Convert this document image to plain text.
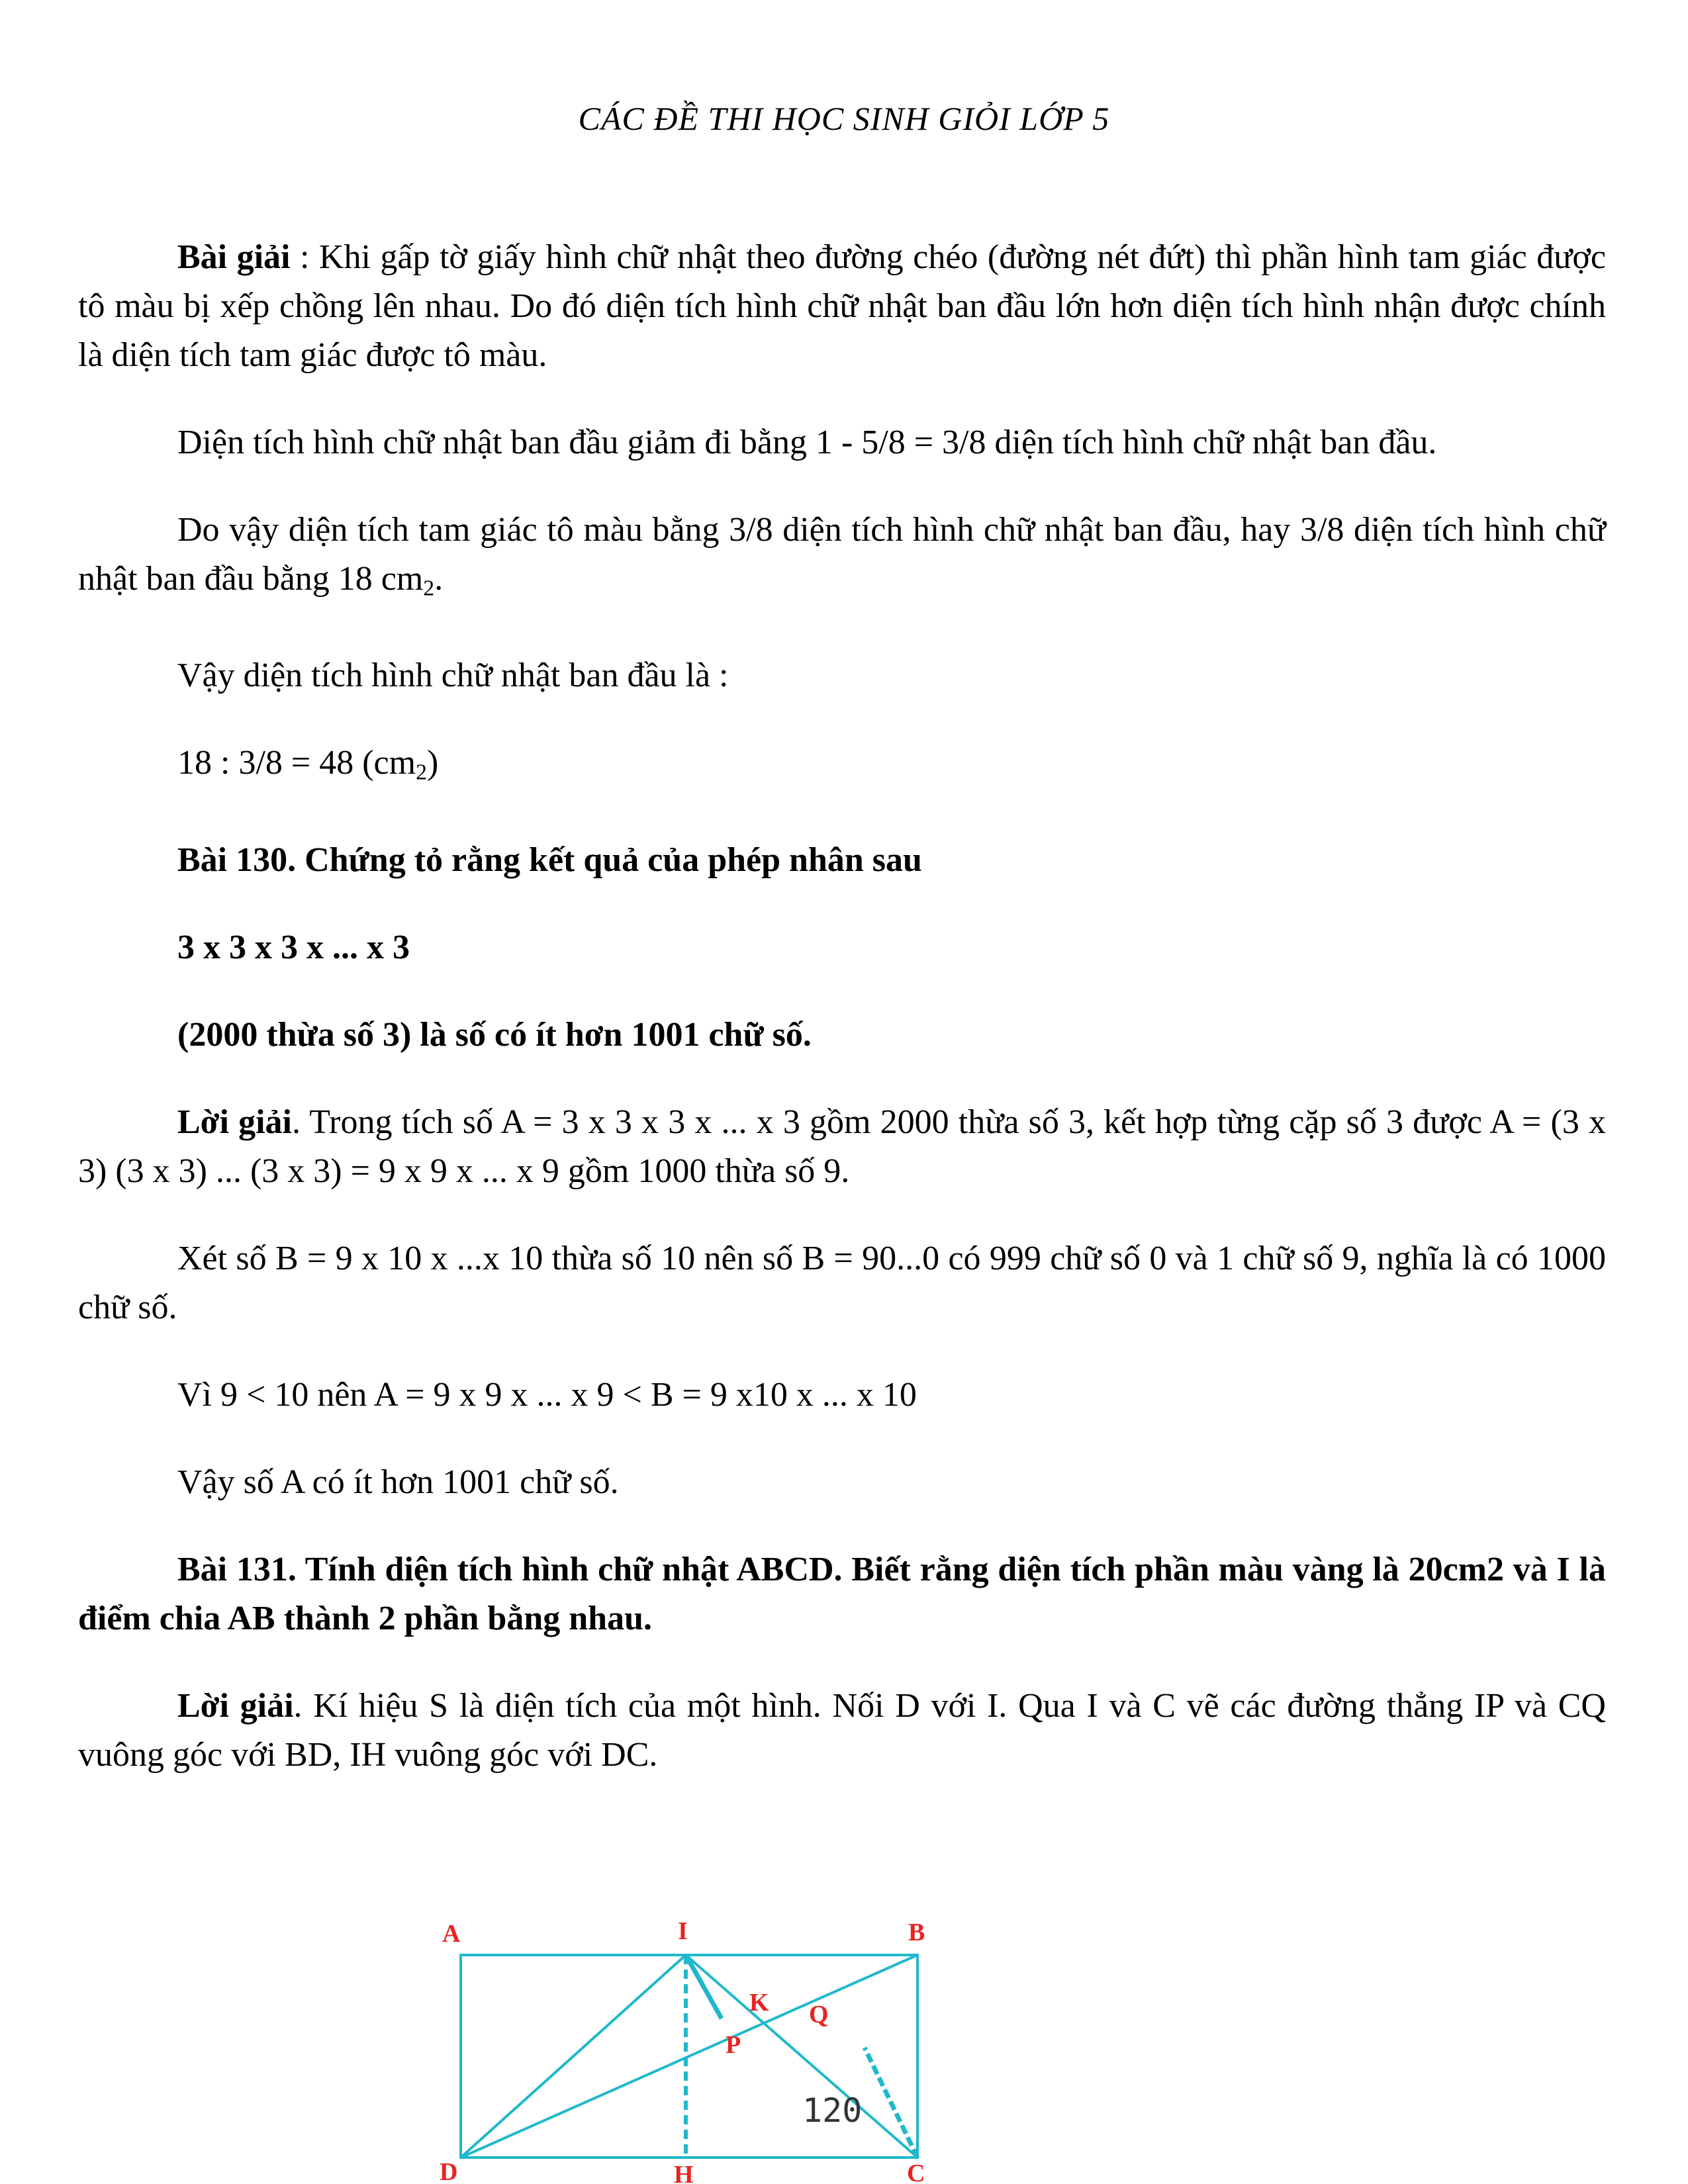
CÁC ĐỀ THI HỌC SINH GIỎI LỚP 5

Bài giải : Khi gấp tờ giấy hình chữ nhật theo đường chéo (đường nét đứt) thì phần hình tam giác được tô màu bị xếp chồng lên nhau. Do đó diện tích hình chữ nhật ban đầu lớn hơn diện tích hình nhận được chính là diện tích tam giác được tô màu.

Diện tích hình chữ nhật ban đầu giảm đi bằng 1 - 5/8 = 3/8 diện tích hình chữ nhật ban đầu.

Do vậy diện tích tam giác tô màu bằng 3/8 diện tích hình chữ nhật ban đầu, hay 3/8 diện tích hình chữ nhật ban đầu bằng 18 $cm_2$.

Vậy diện tích hình chữ nhật ban đầu là :

18 : 3/8 = 48 $(cm_2)$

Bài 130. Chứng tỏ rằng kết quả của phép nhân sau

3 x 3 x 3 x ... x 3

(2000 thừa số 3) là số có ít hơn 1001 chữ số.

Lời giải. Trong tích số A = 3 x 3 x 3 x ... x 3 gồm 2000 thừa số 3, kết hợp từng cặp số 3 được A = (3 x 3) (3 x 3) ... (3 x 3) = 9 x 9 x ... x 9 gồm 1000 thừa số 9.

Xét số B = 9 x 10 x ...x 10 thừa số 10 nên số B = 90...0 có 999 chữ số 0 và 1 chữ số 9, nghĩa là có 1000 chữ số.

Vì 9 < 10 nên A = 9 x 9 x ... x 9 < B = 9 x10 x ... x 10

Vậy số A có ít hơn 1001 chữ số.

Bài 131. Tính diện tích hình chữ nhật ABCD. Biết rằng diện tích phần màu vàng là 20cm2 và I là điểm chia AB thành 2 phần bằng nhau.

Lời giải. Kí hiệu S là diện tích của một hình. Nối D với I. Qua I và C vẽ các đường thẳng IP và CQ vuông góc với BD, IH vuông góc với DC.

A	I	B
K Q
P
D	H	C
120
